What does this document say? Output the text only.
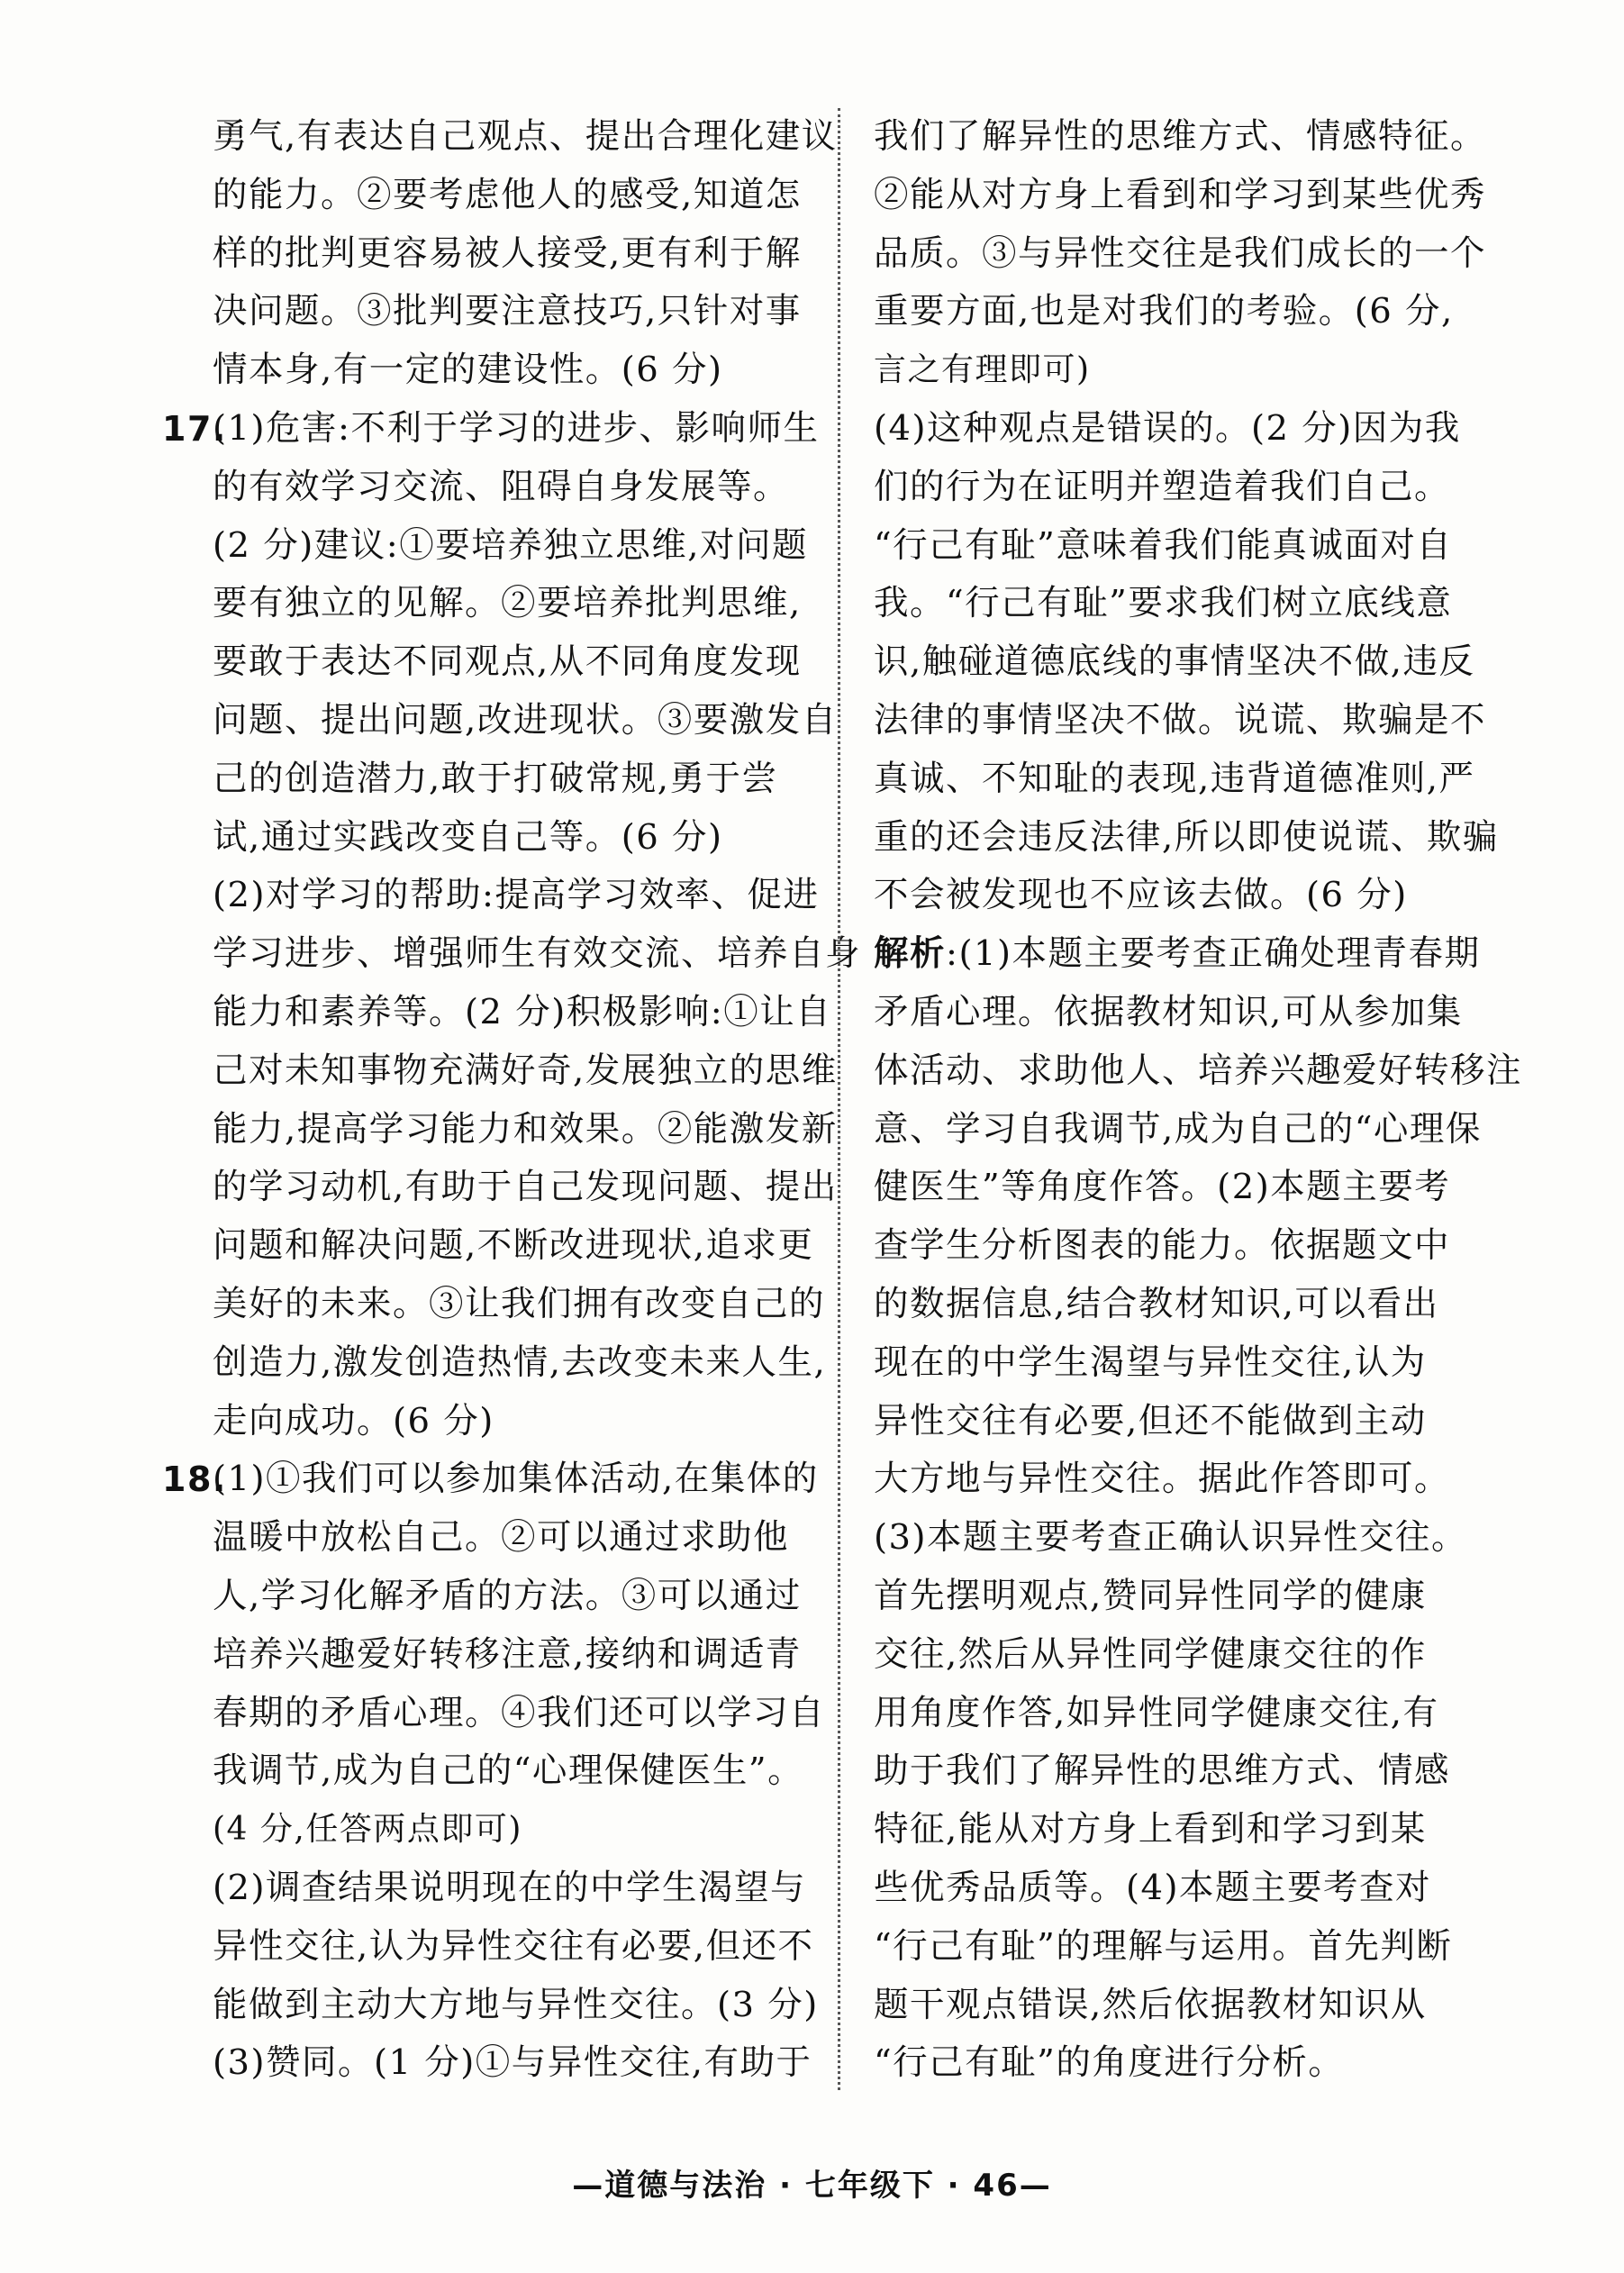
勇气,有表达自己观点、提出合理化建议
的能力。②要考虑他人的感受,知道怎
样的批判更容易被人接受,更有利于解
决问题。③批判要注意技巧,只针对事
情本身,有一定的建设性。(6 分)
17.
(1)危害:不利于学习的进步、影响师生
的有效学习交流、阻碍自身发展等。
(2 分)建议:①要培养独立思维,对问题
要有独立的见解。②要培养批判思维,
要敢于表达不同观点,从不同角度发现
问题、提出问题,改进现状。③要激发自
己的创造潜力,敢于打破常规,勇于尝
试,通过实践改变自己等。(6 分)
(2)对学习的帮助:提高学习效率、促进
学习进步、增强师生有效交流、培养自身
能力和素养等。(2 分)积极影响:①让自
己对未知事物充满好奇,发展独立的思维
能力,提高学习能力和效果。②能激发新
的学习动机,有助于自己发现问题、提出
问题和解决问题,不断改进现状,追求更
美好的未来。③让我们拥有改变自己的
创造力,激发创造热情,去改变未来人生,
走向成功。(6 分)
18.
(1)①我们可以参加集体活动,在集体的
温暖中放松自己。②可以通过求助他
人,学习化解矛盾的方法。③可以通过
培养兴趣爱好转移注意,接纳和调适青
春期的矛盾心理。④我们还可以学习自
我调节,成为自己的“心理保健医生”。
(4 分,任答两点即可)
(2)调查结果说明现在的中学生渴望与
异性交往,认为异性交往有必要,但还不
能做到主动大方地与异性交往。(3 分)
(3)赞同。(1 分)①与异性交往,有助于
我们了解异性的思维方式、情感特征。
②能从对方身上看到和学习到某些优秀
品质。③与异性交往是我们成长的一个
重要方面,也是对我们的考验。(6 分,
言之有理即可)
(4)这种观点是错误的。(2 分)因为我
们的行为在证明并塑造着我们自己。
“行己有耻”意味着我们能真诚面对自
我。“行己有耻”要求我们树立底线意
识,触碰道德底线的事情坚决不做,违反
法律的事情坚决不做。说谎、欺骗是不
真诚、不知耻的表现,违背道德准则,严
重的还会违反法律,所以即使说谎、欺骗
不会被发现也不应该去做。(6 分)
解析:(1)本题主要考查正确处理青春期
矛盾心理。依据教材知识,可从参加集
体活动、求助他人、培养兴趣爱好转移注
意、学习自我调节,成为自己的“心理保
健医生”等角度作答。(2)本题主要考
查学生分析图表的能力。依据题文中
的数据信息,结合教材知识,可以看出
现在的中学生渴望与异性交往,认为
异性交往有必要,但还不能做到主动
大方地与异性交往。据此作答即可。
(3)本题主要考查正确认识异性交往。
首先摆明观点,赞同异性同学的健康
交往,然后从异性同学健康交往的作
用角度作答,如异性同学健康交往,有
助于我们了解异性的思维方式、情感
特征,能从对方身上看到和学习到某
些优秀品质等。(4)本题主要考查对
“行己有耻”的理解与运用。首先判断
题干观点错误,然后依据教材知识从
“行己有耻”的角度进行分析。
—道德与法治 · 七年级下 · 46—
